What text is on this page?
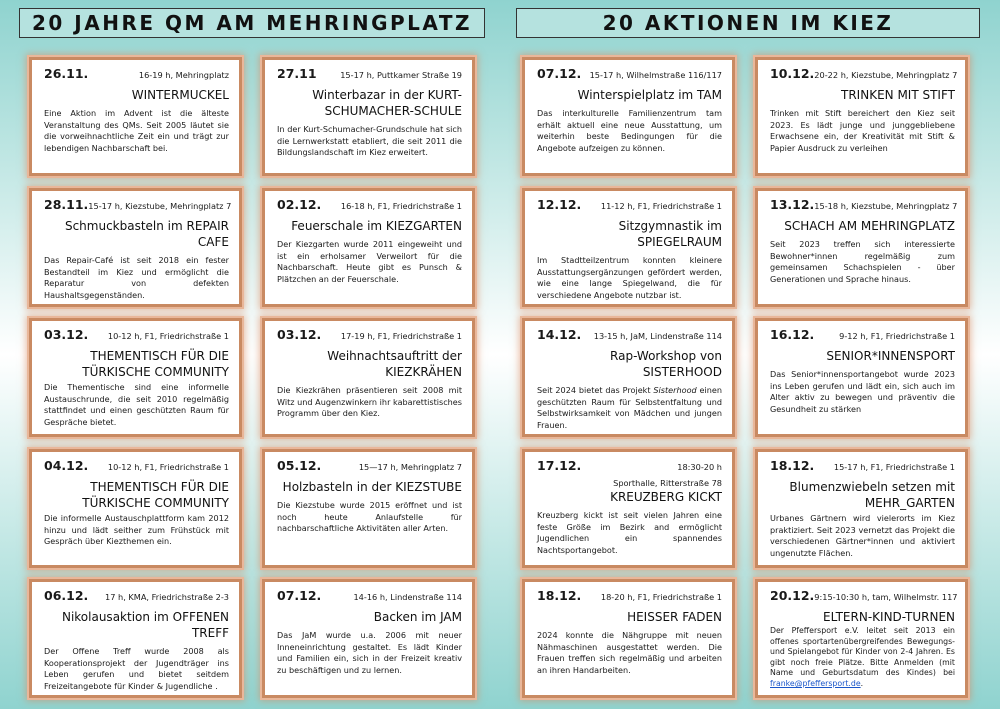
20 JAHRE QM AM MEHRINGPLATZ	20 AKTIONEN IM KIEZ
26.11.	16-19 h, Mehringplatz
WINTERMUCKEL
Eine Aktion im Advent ist die älteste Veranstaltung des QMs. Seit 2005 läutet sie die vorweihnachtliche Zeit ein und trägt zur lebendigen Nachbarschaft bei.
27.11	15-17 h, Puttkamer Straße 19
Winterbazar in der KURT-SCHUMACHER-SCHULE
In der Kurt-Schumacher-Grundschule hat sich die Lernwerkstatt etabliert, die seit 2011 die Bildungslandschaft im Kiez erweitert.
07.12. 15-17 h, Wilhelmstraße 116/117
Winterspielplatz im TAM
Das interkulturelle Familienzentrum tam erhält aktuell eine neue Ausstattung, um weiterhin beste Bedingungen für die Angebote aufzeigen zu können.
10.12. 20-22 h, Kiezstube, Mehringplatz 7
TRINKEN MIT STIFT
Trinken mit Stift bereichert den Kiez seit 2023. Es lädt junge und junggebliebene Erwachsene ein, der Kreativität mit Stift & Papier Ausdruck zu verleihen
28.11. 15-17 h, Kiezstube, Mehringplatz 7
Schmuckbasteln im REPAIR CAFE
Das Repair-Café ist seit 2018 ein fester Bestandteil im Kiez und ermöglicht die Reparatur von defekten Haushaltsgegenständen.
02.12. 16-18 h, F1, Friedrichstraße 1
Feuerschale im KIEZGARTEN
Der Kiezgarten wurde 2011 eingeweiht und ist ein erholsamer Verweilort für die Nachbarschaft. Heute gibt es Punsch & Plätzchen an der Feuerschale.
12.12. 11-12 h, F1, Friedrichstraße 1
Sitzgymnastik im SPIEGELRAUM
Im Stadtteilzentrum konnten kleinere Ausstattungsergänzungen gefördert werden, wie eine lange Spiegelwand, die für verschiedene Angebote nutzbar ist.
13.12. 15-18 h, Kiezstube, Mehringplatz 7
SCHACH AM MEHRINGPLATZ
Seit 2023 treffen sich interessierte Bewohner*innen regelmäßig zum gemeinsamen Schachspielen - über Generationen und Sprache hinaus.
03.12. 10-12 h, F1, Friedrichstraße 1
THEMENTISCH FÜR DIE TÜRKISCHE COMMUNITY
Die Thementische sind eine informelle Austauschrunde, die seit 2010 regelmäßig stattfindet und einen geschützten Raum für Gespräche bietet.
03.12. 17-19 h, F1, Friedrichstraße 1
Weihnachtsauftritt der KIEZKRÄHEN
Die Kiezkrähen präsentieren seit 2008 mit Witz und Augenzwinkern ihr kabarettistisches Programm über den Kiez.
14.12. 13-15 h, JaM, Lindenstraße 114
Rap-Workshop von SISTERHOOD
Seit 2024 bietet das Projekt Sisterhood einen geschützten Raum für Selbstentfaltung und Selbstwirksamkeit von Mädchen und jungen Frauen.
16.12.	9-12 h, F1, Friedrichstraße 1
SENIOR*INNENSPORT
Das Senior*innensportangebot wurde 2023 ins Leben gerufen und lädt ein, sich auch im Alter aktiv zu bewegen und präventiv die Gesundheit zu stärken
04.12. 10-12 h, F1, Friedrichstraße 1
THEMENTISCH FÜR DIE TÜRKISCHE COMMUNITY
Die informelle Austauschplattform kam 2012 hinzu und lädt seither zum Frühstück mit Gespräch über Kiezthemen ein.
05.12.	15—17 h, Mehringplatz 7
Holzbasteln in der KIEZSTUBE
Die Kiezstube wurde 2015 eröffnet und ist noch heute Anlaufstelle für nachbarschaftliche Aktivitäten aller Arten.
17.12.	18:30-20 h
Sporthalle, Ritterstraße 78
KREUZBERG KICKT
Kreuzberg kickt ist seit vielen Jahren eine feste Größe im Bezirk and ermöglicht Jugendlichen ein spannendes Nachtsportangebot.
18.12. 15-17 h, F1, Friedrichstraße 1
Blumenzwiebeln setzen mit MEHR_GARTEN
Urbanes Gärtnern wird vielerorts im Kiez praktiziert. Seit 2023 vernetzt das Projekt die verschiedenen Gärtner*innen und aktiviert ungenutzte Flächen.
06.12. 17 h, KMA, Friedrichstraße 2-3
Nikolausaktion im OFFENEN TREFF
Der Offene Treff wurde 2008 als Kooperationsprojekt der Jugendträger ins Leben gerufen und bietet seitdem Freizeitangebote für Kinder & Jugendliche .
07.12.	14-16 h, Lindenstraße 114
Backen im JAM
Das JaM wurde u.a. 2006 mit neuer Inneneinrichtung gestaltet. Es lädt Kinder und Familien ein, sich in der Freizeit kreativ zu beschäftigen und zu lernen.
18.12. 18-20 h, F1, Friedrichstraße 1
HEISSER FADEN
2024 konnte die Nähgruppe mit neuen Nähmaschinen ausgestattet werden. Die Frauen treffen sich regelmäßig und arbeiten an ihren Handarbeiten.
20.12. 9:15-10:30 h, tam, Wilhelmstr. 117
ELTERN-KIND-TURNEN
Der Pfeffersport e.V. leitet seit 2013 ein offenes sportartenübergreifendes Bewegungs- und Spielangebot für Kinder von 2-4 Jahren. Es gibt noch freie Plätze. Bitte Anmelden (mit Name und Geburtsdatum des Kindes) bei franke@pfeffersport.de.
